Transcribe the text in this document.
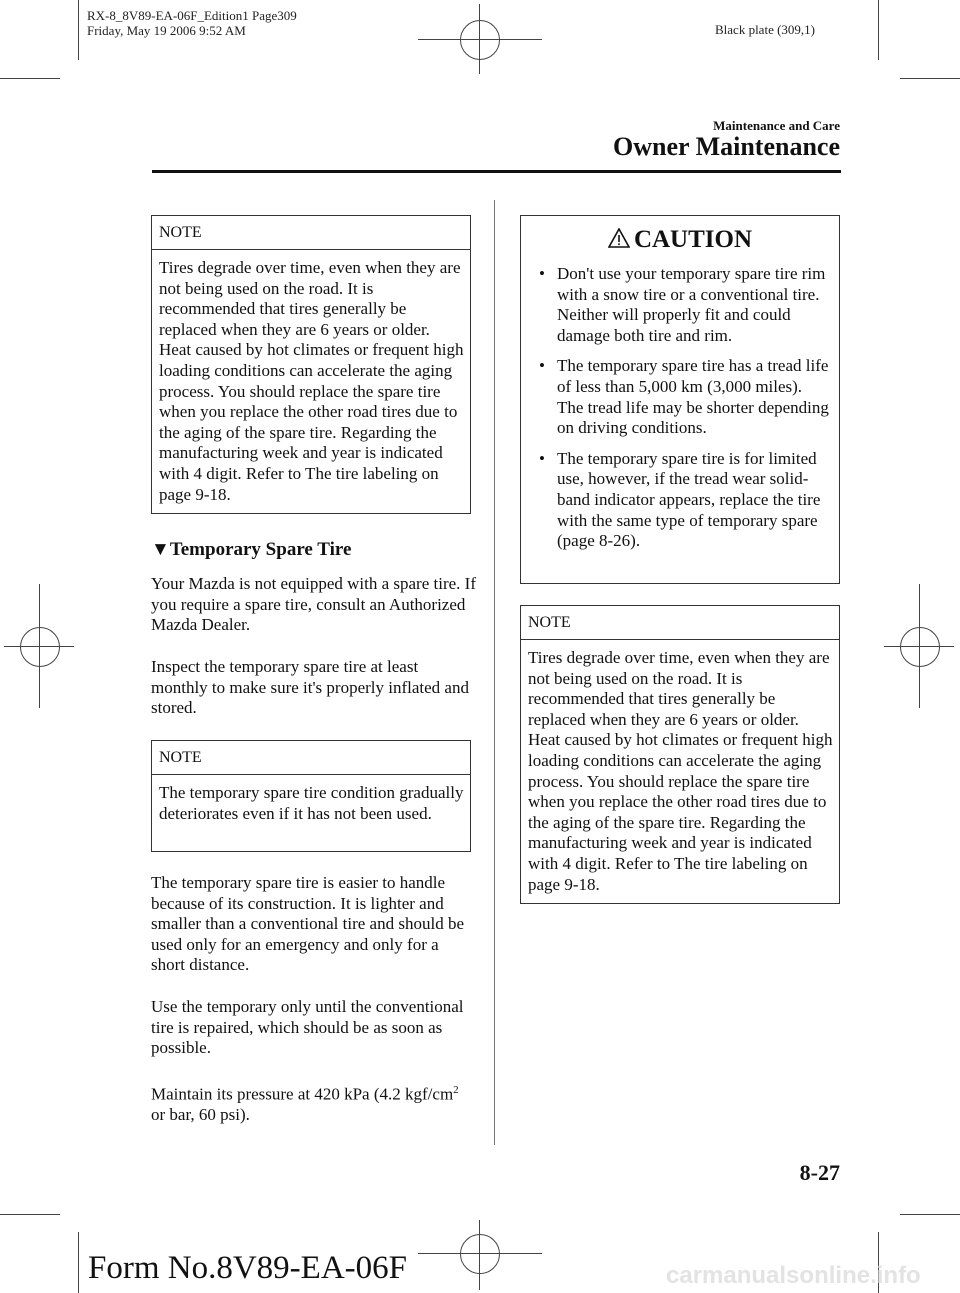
RX-8_8V89-EA-06F_Edition1 Page309
Friday, May 19 2006 9:52 AM	Black plate (309,1)
Maintenance and Care
Owner Maintenance
NOTE
Tires degrade over time, even when they are not being used on the road. It is recommended that tires generally be replaced when they are 6 years or older. Heat caused by hot climates or frequent high loading conditions can accelerate the aging process. You should replace the spare tire when you replace the other road tires due to the aging of the spare tire. Regarding the manufacturing week and year is indicated with 4 digit. Refer to The tire labeling on page 9-18.
▼Temporary Spare Tire
Your Mazda is not equipped with a spare tire. If you require a spare tire, consult an Authorized Mazda Dealer.
Inspect the temporary spare tire at least monthly to make sure it's properly inflated and stored.
NOTE
The temporary spare tire condition gradually deteriorates even if it has not been used.
The temporary spare tire is easier to handle because of its construction. It is lighter and smaller than a conventional tire and should be used only for an emergency and only for a short distance.
Use the temporary only until the conventional tire is repaired, which should be as soon as possible.
Maintain its pressure at 420 kPa (4.2 kgf/$cm^2$ or bar, 60 psi).
CAUTION
• Don't use your temporary spare tire rim with a snow tire or a conventional tire. Neither will properly fit and could damage both tire and rim.
• The temporary spare tire has a tread life of less than 5,000 km (3,000 miles). The tread life may be shorter depending on driving conditions.
• The temporary spare tire is for limited use, however, if the tread wear solid-band indicator appears, replace the tire with the same type of temporary spare (page 8-26).
NOTE
Tires degrade over time, even when they are not being used on the road. It is recommended that tires generally be replaced when they are 6 years or older. Heat caused by hot climates or frequent high loading conditions can accelerate the aging process. You should replace the spare tire when you replace the other road tires due to the aging of the spare tire. Regarding the manufacturing week and year is indicated with 4 digit. Refer to The tire labeling on page 9-18.
8-27
Form No.8V89-EA-06F	carmanualsonline.info
